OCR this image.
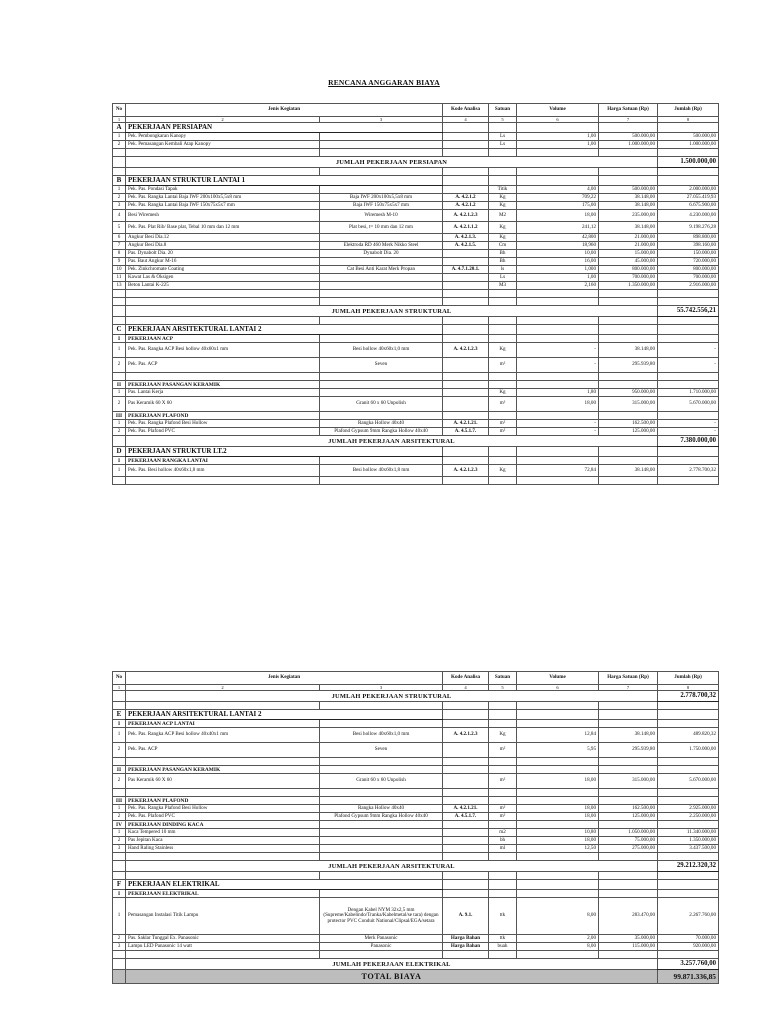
RENCANA ANGGARAN BIAYA
No	Jenis Kegiatan		Kode Analisa	Satuan	Volume	Harga Satuan (Rp)	Jumlah (Rp)
1	2	3	4	5	6	7	8
A	PEKERJAAN PERSIAPAN						
1	Pek. Pembongkaran Kanopy			Ls	1,00	500.000,00	500.000,00
2	Pek. Pemasangan Kembali Atap Kanopy			Ls	1,00	1.000.000,00	1.000.000,00

	JUMLAH PEKERJAAN PERSIAPAN						1.500.000,00

B	PEKERJAAN STRUKTUR LANTAI 1						
1	Pek. Pas. Pondasi Tapak			Titik	4,00	500.000,00	2.000.000,00
2	Pek. Pas. Rangka Lantai Baja IWF 200x100x5,5x8 mm	Baja IWF 200x100x5,5x8 mm	A. 4.2.1.2	Kg	709,22	38.148,00	27.055.419,93
3	Pek. Pas. Rangka Lantai Baja IWF 150x75x5x7 mm	Baja IWF 150x75x5x7 mm	A. 4.2.1.2	Kg	175,00	38.148,00	6.675.900,00
4	Besi Wiremesh	Wiremesh M-10	A. 4.2.1.2.3	M2	18,00	235.000,00	4.230.000,00
5	Pek. Pas. Plat Rib/ Base plat, Tebal 10 mm dan 12 mm	Plat besi, t= 10 mm dan 12 mm	A. 4.2.1.1.2	Kg	241,12	38.148,00	9.198.276,28
6	Angkur Besi Dia.12		A. 4.2.1.3.	Kg	42,800	21.000,00	898.800,00
7	Angkur Besi Dia.8	Elektroda RD 460 Merk Nikko Steel	A. 4.2.1.5.	Cm	18,960	21.000,00	398.160,00
8	Pas. Dynabolt Dia. 20	Dynabolt Dia. 20		Bh	10,00	15.000,00	150.000,00
9	Pas. Baut Angkur M-16			Bh	16,00	45.000,00	720.000,00
10	Pek. Zinkchromate Coating	Cat Besi Anti Karat Merk Propan	A. 4.7.1.20.1.	ls	1,000	800.000,00	800.000,00
11	Kawat Las & Oksigen			Ls	1,00	700.000,00	700.000,00
13	Beton Lantai K-225			M3	2,160	1.350.000,00	2.916.000,00

	JUMLAH PEKERJAAN STRUKTURAL						55.742.556,21

C	PEKERJAAN ARSITEKTURAL LANTAI 2						
I	PEKERJAAN ACP						
1	Pek. Pas. Rangka ACP Besi hollow 40x60x1 mm	Besi hollow 40x60x1,0 mm	A. 4.2.1.2.3	Kg	-	38.148,00	-
2	Pek. Pas. ACP	Seven		m²	-	295.939,80	-

II	PEKERJAAN PASANGAN KERAMIK						
1	Pas. Lantai Kerja			Kg	1,80	950.000,00	1.710.000,00
2	Pas Keramik 60 X 60	Granit 60 x 60 Unpolish		m²	18,00	315.000,00	5.670.000,00
III	PEKERJAAN PLAFOND						
1	Pek. Pas. Rangka Plafond Besi Hollow	Rangka Hollow 40x40	A. 4.2.1.21.	m²	-	162.500,00	-
2	Pek. Pas. Plafond PVC	Plafond Gypsum 9mm Rangka Hollow 40x40	A. 4.5.1.7.	m²	-	125.000,00	-
	JUMLAH PEKERJAAN ARSITEKTURAL						7.380.000,00
D	PEKERJAAN STRUKTUR LT.2						
I	PEKERJAAN RANGKA LANTAI						
1	Pek. Pas. Besi hollow 40x60x1,8 mm	Besi hollow 40x60x1,8 mm	A. 4.2.1.2.3	Kg	72,84	38.148,00	2.778.700,32

No	Jenis Kegiatan		Kode Analisa	Satuan	Volume	Harga Satuan (Rp)	Jumlah (Rp)
1	2	3	4	5	6	7	8
	JUMLAH PEKERJAAN STRUKTURAL						2.778.700,32

E	PEKERJAAN ARSITEKTURAL LANTAI 2						
I	PEKERJAAN ACP LANTAI						
1	Pek. Pas. Rangka ACP Besi hollow 40x40x1 mm	Besi hollow 40x60x1,0 mm	A. 4.2.1.2.3	Kg	12,84	38.148,00	489.820,32
2	Pek. Pas. ACP	Seven		m²	5,95	295.939,80	1.750.000,00

II	PEKERJAAN PASANGAN KERAMIK						
2	Pas Keramik 60 X 60	Granit 60 x 60 Unpolish		m²	18,00	315.000,00	5.670.000,00

III	PEKERJAAN PLAFOND						
1	Pek. Pas. Rangka Plafond Besi Hollow	Rangka Hollow 40x40	A. 4.2.1.21.	m²	18,00	162.500,00	2.925.000,00
2	Pek. Pas. Plafond PVC	Plafond Gypsum 9mm Rangka Hollow 40x40	A. 4.5.1.7.	m²	18,00	125.000,00	2.250.000,00
IV	PEKERJAAN DINDING KACA						
1	Kaca Tempered 10 mm			m2	10,80	1.050.000,00	11.340.000,00
2	Pas Jepitan Kaca			bh	18,00	75.000,00	1.350.000,00
3	Hand Raling Stainless			ml	12,50	275.000,00	3.437.500,00

	JUMLAH PEKERJAAN ARSITEKTURAL						29.212.320,32

F	PEKERJAAN ELEKTRIKAL						
I	PEKERJAAN ELEKTRIKAL						
1	Pemasangan Instalasi Titik Lampu	Dengan Kabel NYM 32x2,5 mm (Supreme/Kabelindo/Tranka/Kabelmetal/se tara) dengan protector PVC Conduit National/Clipsal/EGA/setara	A. 9.1.	ttk	8,00	283.470,00	2.267.760,00
2	Pas. Saklar Tunggal Ex. Panasonic	Merk Panasonic	Harga Bahan	ttk	2,00	35.000,00	70.000,00
3	Lampu LED Panasonic 14 watt	Panasonic	Harga Bahan	buah	8,00	115.000,00	920.000,00

	JUMLAH PEKERJAAN ELEKTRIKAL						3.257.760,00
	TOTAL BIAYA						99.871.336,85
